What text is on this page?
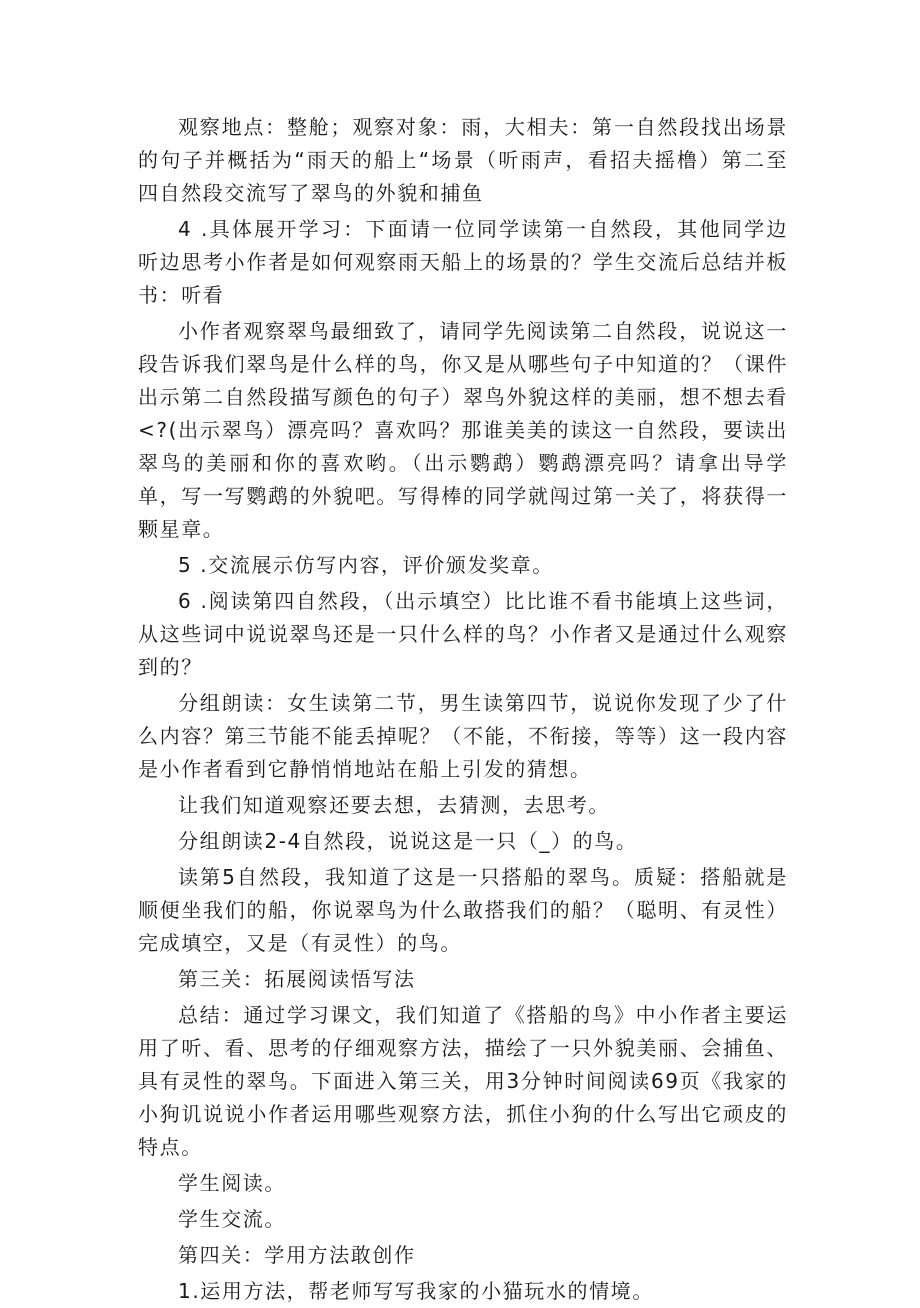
观察地点：整舱；观察对象：雨，大相夫：第一自然段找出场景的句子并概括为“雨天的船上“场景（听雨声，看招夫摇橹）第二至四自然段交流写了翠鸟的外貌和捕鱼

4 .具体展开学习：下面请一位同学读第一自然段，其他同学边听边思考小作者是如何观察雨天船上的场景的？学生交流后总结并板书：听看

小作者观察翠鸟最细致了，请同学先阅读第二自然段，说说这一段告诉我们翠鸟是什么样的鸟，你又是从哪些句子中知道的？（课件出示第二自然段描写颜色的句子）翠鸟外貌这样的美丽，想不想去看<?(出示翠鸟）漂亮吗？喜欢吗？那谁美美的读这一自然段，要读出翠鸟的美丽和你的喜欢哟。（出示鹦鹉）鹦鹉漂亮吗？请拿出导学单，写一写鹦鹉的外貌吧。写得棒的同学就闯过第一关了，将获得一颗星章。

5 .交流展示仿写内容，评价颁发奖章。

6 .阅读第四自然段，（出示填空）比比谁不看书能填上这些词，从这些词中说说翠鸟还是一只什么样的鸟？小作者又是通过什么观察到的？

分组朗读：女生读第二节，男生读第四节，说说你发现了少了什么内容？第三节能不能丢掉呢？（不能，不衔接，等等）这一段内容是小作者看到它静悄悄地站在船上引发的猜想。

让我们知道观察还要去想，去猜测，去思考。

分组朗读2-4自然段，说说这是一只（_）的鸟。

读第5自然段，我知道了这是一只搭船的翠鸟。质疑：搭船就是顺便坐我们的船，你说翠鸟为什么敢搭我们的船？（聪明、有灵性）完成填空，又是（有灵性）的鸟。

第三关：拓展阅读悟写法

总结：通过学习课文，我们知道了《搭船的鸟》中小作者主要运用了听、看、思考的仔细观察方法，描绘了一只外貌美丽、会捕鱼、具有灵性的翠鸟。下面进入第三关，用3分钟时间阅读69页《我家的小狗讥说说小作者运用哪些观察方法，抓住小狗的什么写出它顽皮的特点。

学生阅读。

学生交流。

第四关：学用方法敢创作

1.运用方法，帮老师写写我家的小猫玩水的情境。
